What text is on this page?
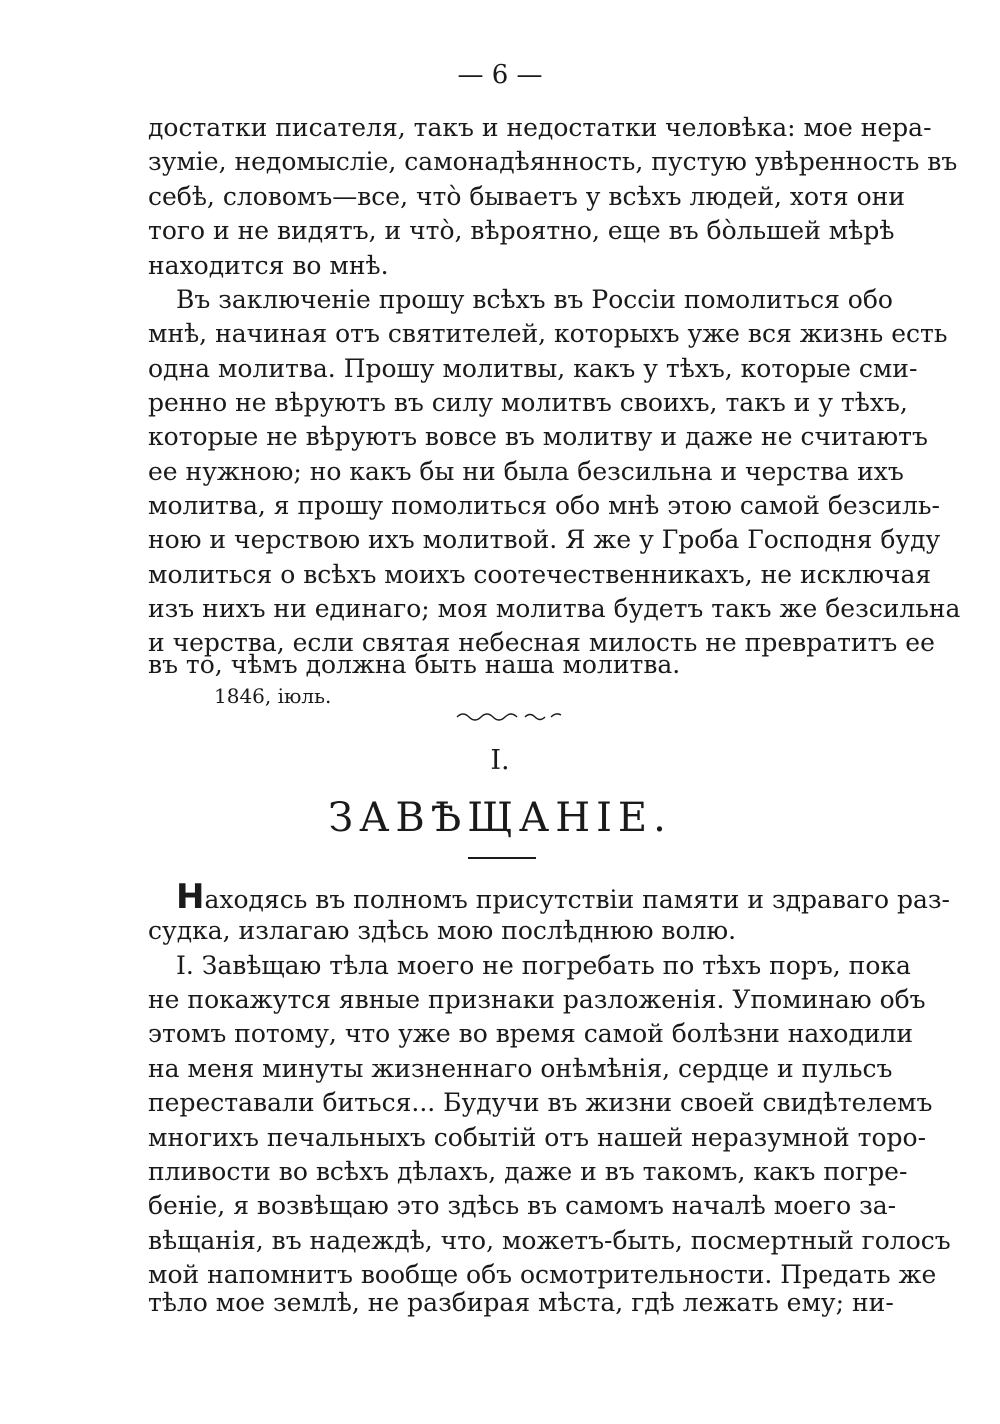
— 6 —
достатки писателя, такъ и недостатки человѣка: мое нера-
зуміе, недомысліе, самонадѣянность, пустую увѣренность въ
себѣ, словомъ—все, что̀ бываетъ у всѣхъ людей, хотя они
того и не видятъ, и что̀, вѣроятно, еще въ бо̀льшей мѣрѣ
находится во мнѣ.
Въ заключеніе прошу всѣхъ въ Россіи помолиться обо
мнѣ, начиная отъ святителей, которыхъ уже вся жизнь есть
одна молитва. Прошу молитвы, какъ у тѣхъ, которые сми-
ренно не вѣруютъ въ силу молитвъ своихъ, такъ и у тѣхъ,
которые не вѣруютъ вовсе въ молитву и даже не считаютъ
ее нужною; но какъ бы ни была безсильна и черства ихъ
молитва, я прошу помолиться обо мнѣ этою самой безсиль-
ною и черствою ихъ молитвой. Я же у Гроба Господня буду
молиться о всѣхъ моихъ соотечественникахъ, не исключая
изъ нихъ ни единаго; моя молитва будетъ такъ же безсильна
и черства, если святая небесная милость не превратитъ ее
въ то, чѣмъ должна быть наша молитва.
1846, іюль.
I.
ЗАВѢЩАНІЕ.
Находясь въ полномъ присутствіи памяти и здраваго раз-
судка, излагаю здѣсь мою послѣднюю волю.
I. Завѣщаю тѣла моего не погребать по тѣхъ поръ, пока
не покажутся явные признаки разложенія. Упоминаю объ
этомъ потому, что уже во время самой болѣзни находили
на меня минуты жизненнаго онѣмѣнія, сердце и пульсъ
переставали биться... Будучи въ жизни своей свидѣтелемъ
многихъ печальныхъ событій отъ нашей неразумной торо-
пливости во всѣхъ дѣлахъ, даже и въ такомъ, какъ погре-
беніе, я возвѣщаю это здѣсь въ самомъ началѣ моего за-
вѣщанія, въ надеждѣ, что, можетъ-быть, посмертный голосъ
мой напомнитъ вообще объ осмотрительности. Предать же
тѣло мое землѣ, не разбирая мѣста, гдѣ лежать ему; ни-
